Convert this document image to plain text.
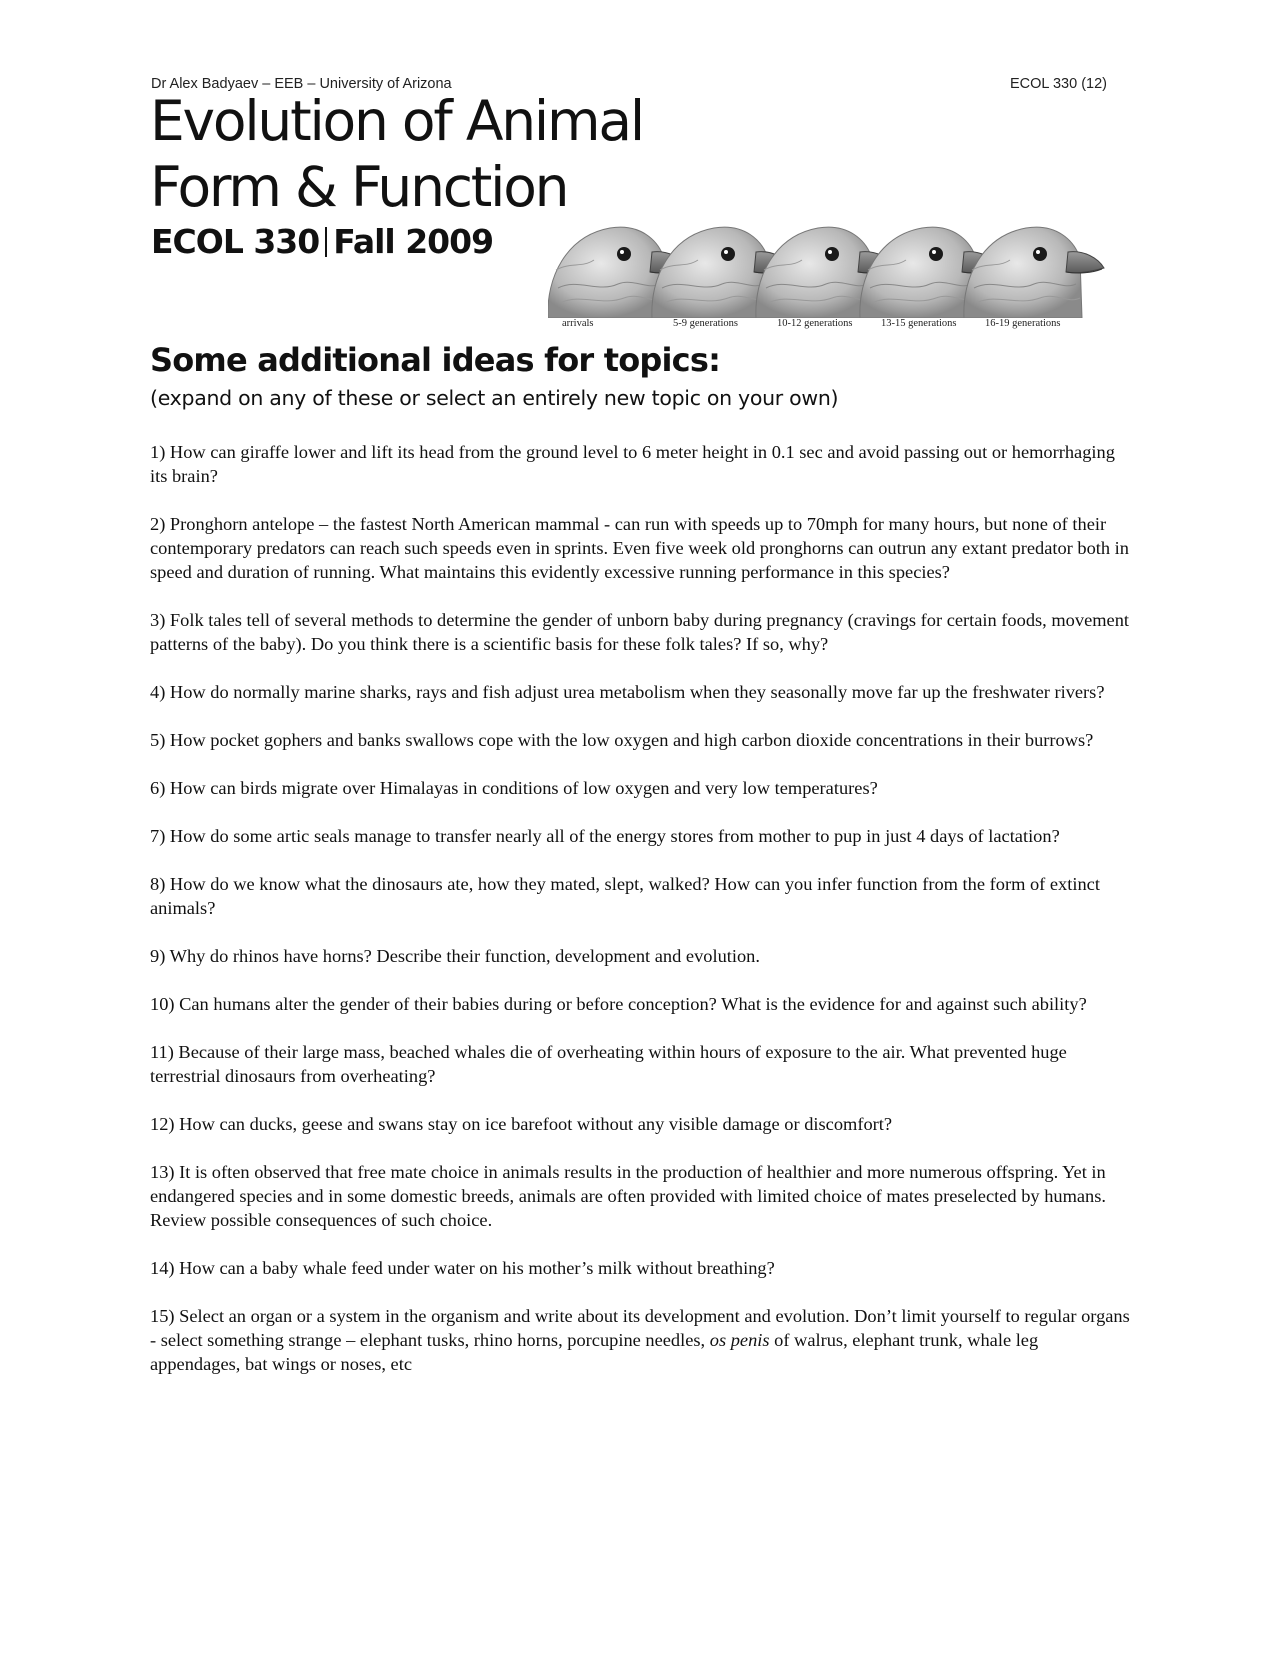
Dr Alex Badyaev – EEB – University of Arizona	ECOL 330 (12)
Evolution of Animal
Form & Function
ECOL 330 Fall 2009
arrivals	5-9 generations	10-12 generations	13-15 generations	16-19 generations
Some additional ideas for topics:

(expand on any of these or select an entirely new topic on your own)

1) How can giraffe lower and lift its head from the ground level to 6 meter height in 0.1 sec and avoid passing out or hemorrhaging its brain?
2) Pronghorn antelope – the fastest North American mammal - can run with speeds up to 70mph for many hours, but none of their contemporary predators can reach such speeds even in sprints. Even five week old pronghorns can outrun any extant predator both in speed and duration of running. What maintains this evidently excessive running performance in this species?
3) Folk tales tell of several methods to determine the gender of unborn baby during pregnancy (cravings for certain foods, movement patterns of the baby). Do you think there is a scientific basis for these folk tales? If so, why?
4) How do normally marine sharks, rays and fish adjust urea metabolism when they seasonally move far up the freshwater rivers?
5) How pocket gophers and banks swallows cope with the low oxygen and high carbon dioxide concentrations in their burrows?
6) How can birds migrate over Himalayas in conditions of low oxygen and very low temperatures?
7) How do some artic seals manage to transfer nearly all of the energy stores from mother to pup in just 4 days of lactation?
8) How do we know what the dinosaurs ate, how they mated, slept, walked? How can you infer function from the form of extinct animals?
9) Why do rhinos have horns? Describe their function, development and evolution.
10) Can humans alter the gender of their babies during or before conception? What is the evidence for and against such ability?
11) Because of their large mass, beached whales die of overheating within hours of exposure to the air. What prevented huge terrestrial dinosaurs from overheating?
12) How can ducks, geese and swans stay on ice barefoot without any visible damage or discomfort?
13) It is often observed that free mate choice in animals results in the production of healthier and more numerous offspring. Yet in endangered species and in some domestic breeds, animals are often provided with limited choice of mates preselected by humans. Review possible consequences of such choice.
14) How can a baby whale feed under water on his mother’s milk without breathing?
15) Select an organ or a system in the organism and write about its development and evolution. Don’t limit yourself to regular organs - select something strange – elephant tusks, rhino horns, porcupine needles, os penis of walrus, elephant trunk, whale leg appendages, bat wings or noses, etc
